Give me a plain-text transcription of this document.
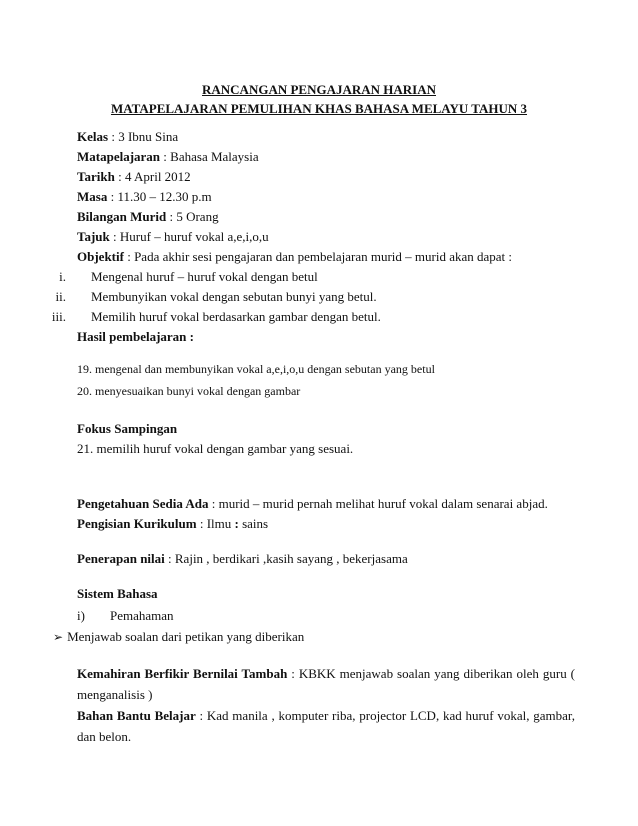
RANCANGAN PENGAJARAN HARIAN
MATAPELAJARAN PEMULIHAN KHAS BAHASA MELAYU TAHUN 3
Kelas : 3 Ibnu Sina
Matapelajaran : Bahasa Malaysia
Tarikh : 4 April 2012
Masa : 11.30 – 12.30 p.m
Bilangan Murid : 5 Orang
Tajuk : Huruf – huruf vokal a,e,i,o,u
Objektif : Pada akhir sesi pengajaran dan pembelajaran murid – murid akan dapat :
i. Mengenal huruf – huruf vokal dengan betul
ii. Membunyikan vokal dengan sebutan bunyi yang betul.
iii. Memilih huruf vokal berdasarkan gambar dengan betul.
Hasil pembelajaran :
19. mengenal dan membunyikan vokal a,e,i,o,u dengan sebutan yang betul
20. menyesuaikan bunyi vokal dengan gambar
Fokus Sampingan
21. memilih huruf vokal dengan gambar yang sesuai.
Pengetahuan Sedia Ada : murid – murid pernah melihat huruf vokal dalam senarai abjad.
Pengisian Kurikulum : Ilmu : sains
Penerapan nilai : Rajin , berdikari ,kasih sayang , bekerjasama
Sistem Bahasa
i) Pemahaman
➢ Menjawab soalan dari petikan yang diberikan
Kemahiran Berfikir Bernilai Tambah : KBKK menjawab soalan yang diberikan oleh guru ( menganalisis )
Bahan Bantu Belajar : Kad manila , komputer riba, projector LCD, kad huruf vokal, gambar, dan belon.
